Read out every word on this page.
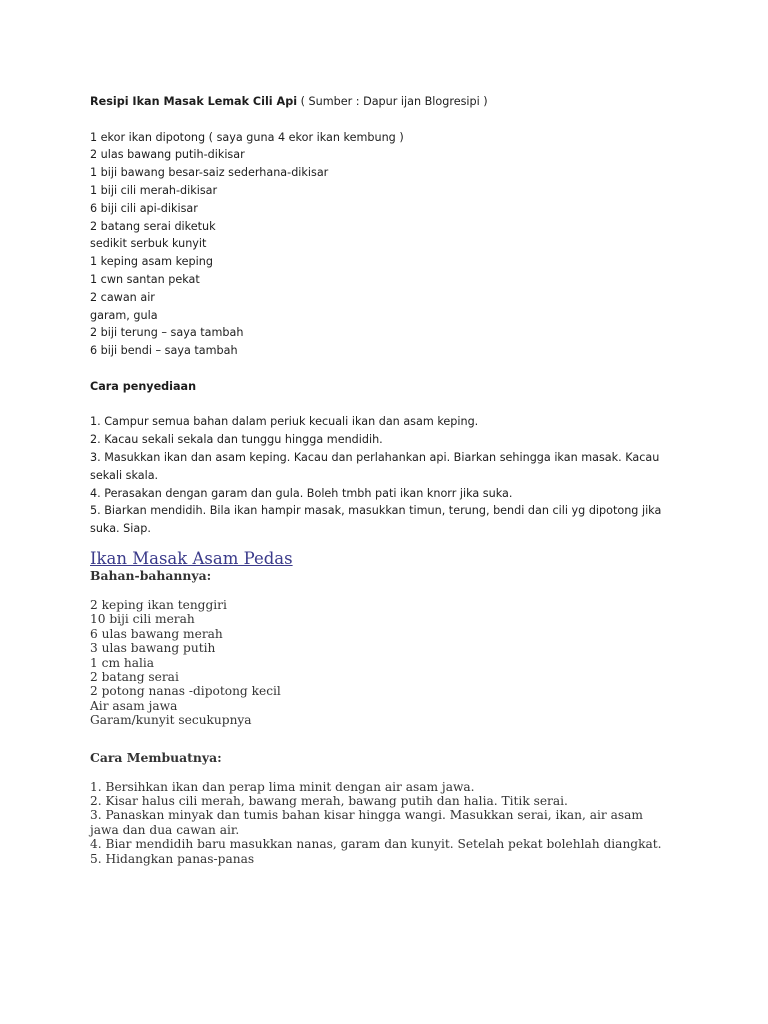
Resipi Ikan Masak Lemak Cili Api ( Sumber : Dapur ijan Blogresipi )
1 ekor ikan dipotong ( saya guna 4 ekor ikan kembung )
2 ulas bawang putih-dikisar
1 biji bawang besar-saiz sederhana-dikisar
1 biji cili merah-dikisar
6 biji cili api-dikisar
2 batang serai diketuk
sedikit serbuk kunyit
1 keping asam keping
1 cwn santan pekat
2 cawan air
garam, gula
2 biji terung – saya tambah
6 biji bendi – saya tambah
Cara penyediaan
1. Campur semua bahan dalam periuk kecuali ikan dan asam keping.
2. Kacau sekali sekala dan tunggu hingga mendidih.
3. Masukkan ikan dan asam keping. Kacau dan perlahankan api. Biarkan sehingga ikan masak. Kacau sekali skala.
4. Perasakan dengan garam dan gula. Boleh tmbh pati ikan knorr jika suka.
5. Biarkan mendidih. Bila ikan hampir masak, masukkan timun, terung, bendi dan cili yg dipotong jika suka. Siap.
Ikan Masak Asam Pedas
Bahan-bahannya:
2 keping ikan tenggiri
10 biji cili merah
6 ulas bawang merah
3 ulas bawang putih
1 cm halia
2 batang serai
2 potong nanas -dipotong kecil
Air asam jawa
Garam/kunyit secukupnya
Cara Membuatnya:
1. Bersihkan ikan dan perap lima minit dengan air asam jawa.
2. Kisar halus cili merah, bawang merah, bawang putih dan halia. Titik serai.
3. Panaskan minyak dan tumis bahan kisar hingga wangi. Masukkan serai, ikan, air asam jawa dan dua cawan air.
4. Biar mendidih baru masukkan nanas, garam dan kunyit. Setelah pekat bolehlah diangkat.
5. Hidangkan panas-panas
